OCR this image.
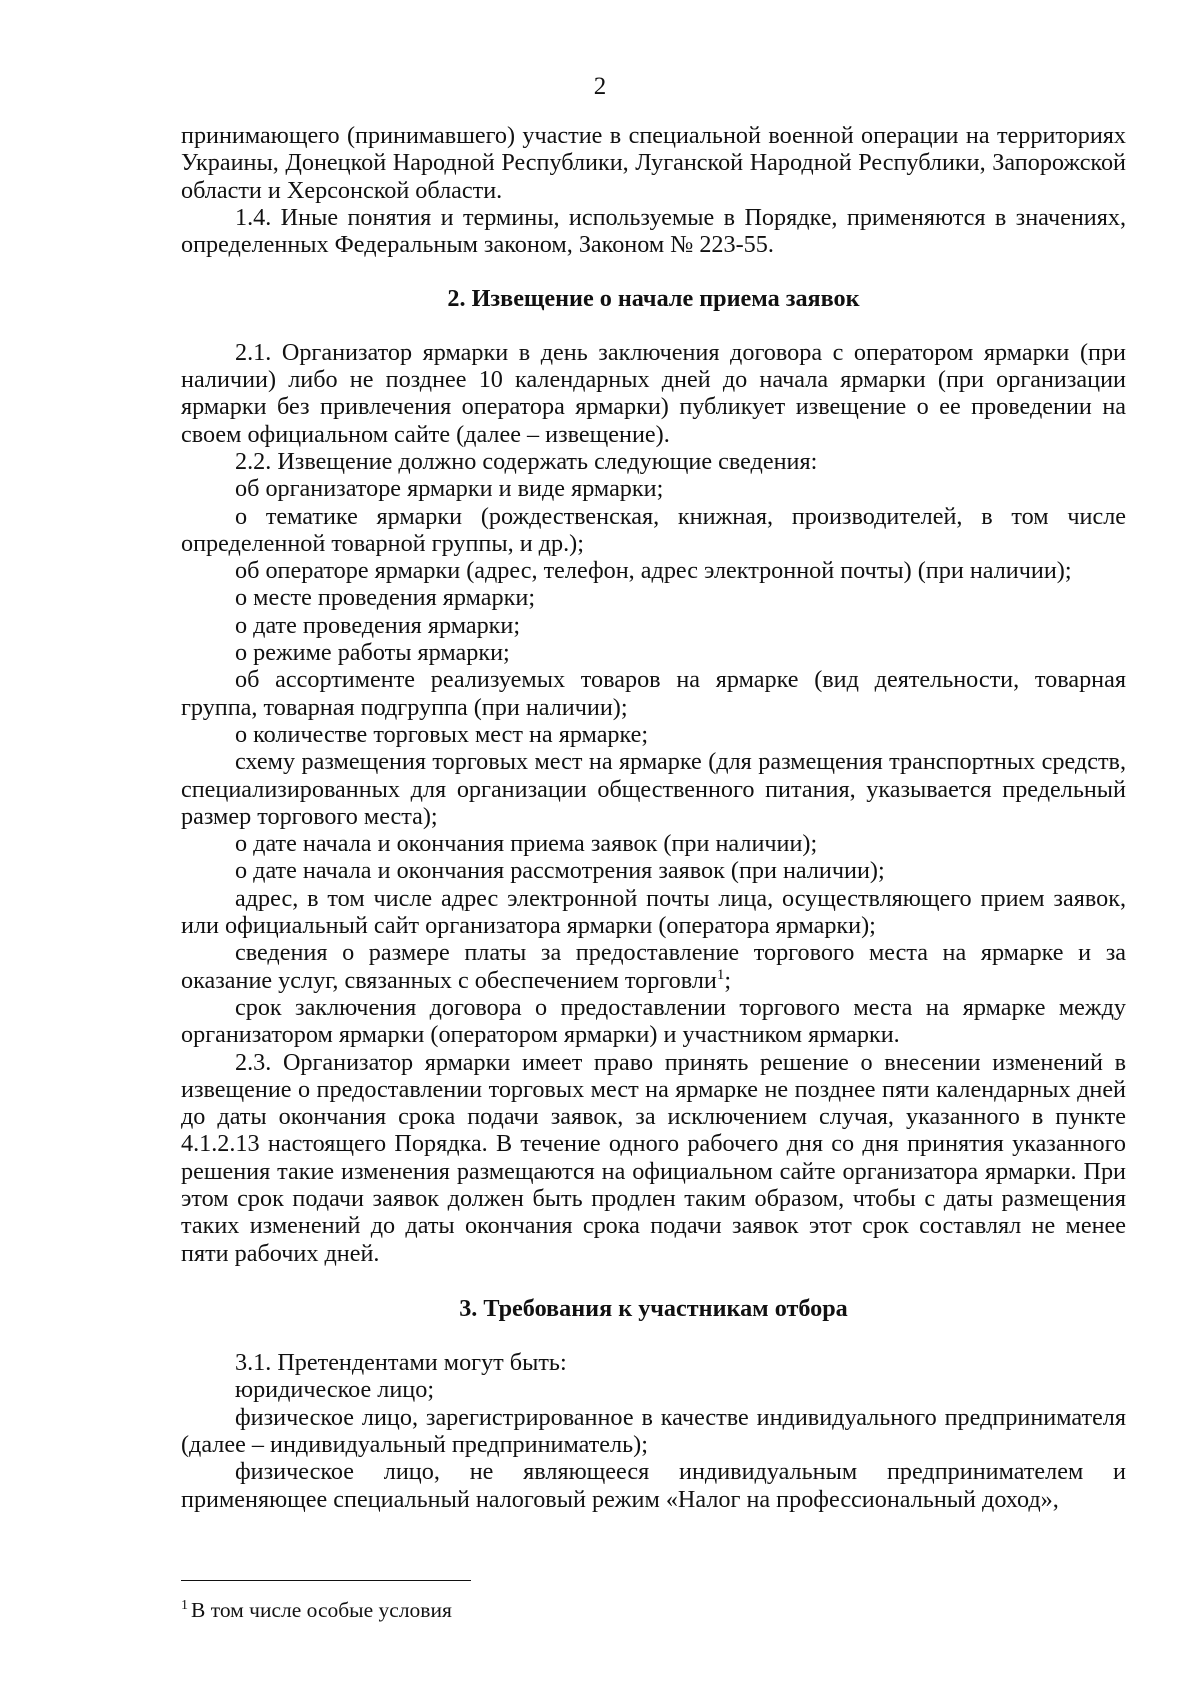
2

принимающего (принимавшего) участие в специальной военной операции на территориях Украины, Донецкой Народной Республики, Луганской Народной Республики, Запорожской области и Херсонской области.

1.4. Иные понятия и термины, используемые в Порядке, применяются в значениях, определенных Федеральным законом, Законом № 223-55.

2. Извещение о начале приема заявок

2.1. Организатор ярмарки в день заключения договора с оператором ярмарки (при наличии) либо не позднее 10 календарных дней до начала ярмарки (при организации ярмарки без привлечения оператора ярмарки) публикует извещение о ее проведении на своем официальном сайте (далее – извещение).

2.2. Извещение должно содержать следующие сведения:

об организаторе ярмарки и виде ярмарки;

о тематике ярмарки (рождественская, книжная, производителей, в том числе определенной товарной группы, и др.);

об операторе ярмарки (адрес, телефон, адрес электронной почты) (при наличии);

о месте проведения ярмарки;

о дате проведения ярмарки;

о режиме работы ярмарки;

об ассортименте реализуемых товаров на ярмарке (вид деятельности, товарная группа, товарная подгруппа (при наличии);

о количестве торговых мест на ярмарке;

схему размещения торговых мест на ярмарке (для размещения транспортных средств, специализированных для организации общественного питания, указывается предельный размер торгового места);

о дате начала и окончания приема заявок (при наличии);

о дате начала и окончания рассмотрения заявок (при наличии);

адрес, в том числе адрес электронной почты лица, осуществляющего прием заявок, или официальный сайт организатора ярмарки (оператора ярмарки);

сведения о размере платы за предоставление торгового места на ярмарке и за оказание услуг, связанных с обеспечением торговли$^1$;

срок заключения договора о предоставлении торгового места на ярмарке между организатором ярмарки (оператором ярмарки) и участником ярмарки.

2.3. Организатор ярмарки имеет право принять решение о внесении изменений в извещение о предоставлении торговых мест на ярмарке не позднее пяти календарных дней до даты окончания срока подачи заявок, за исключением случая, указанного в пункте 4.1.2.13 настоящего Порядка. В течение одного рабочего дня со дня принятия указанного решения такие изменения размещаются на официальном сайте организатора ярмарки. При этом срок подачи заявок должен быть продлен таким образом, чтобы с даты размещения таких изменений до даты окончания срока подачи заявок этот срок составлял не менее пяти рабочих дней.

3. Требования к участникам отбора

3.1. Претендентами могут быть:

юридическое лицо;

физическое лицо, зарегистрированное в качестве индивидуального предпринимателя (далее – индивидуальный предприниматель);

физическое лицо, не являющееся индивидуальным предпринимателем и применяющее специальный налоговый режим «Налог на профессиональный доход»,

$^1$ В том числе особые условия
